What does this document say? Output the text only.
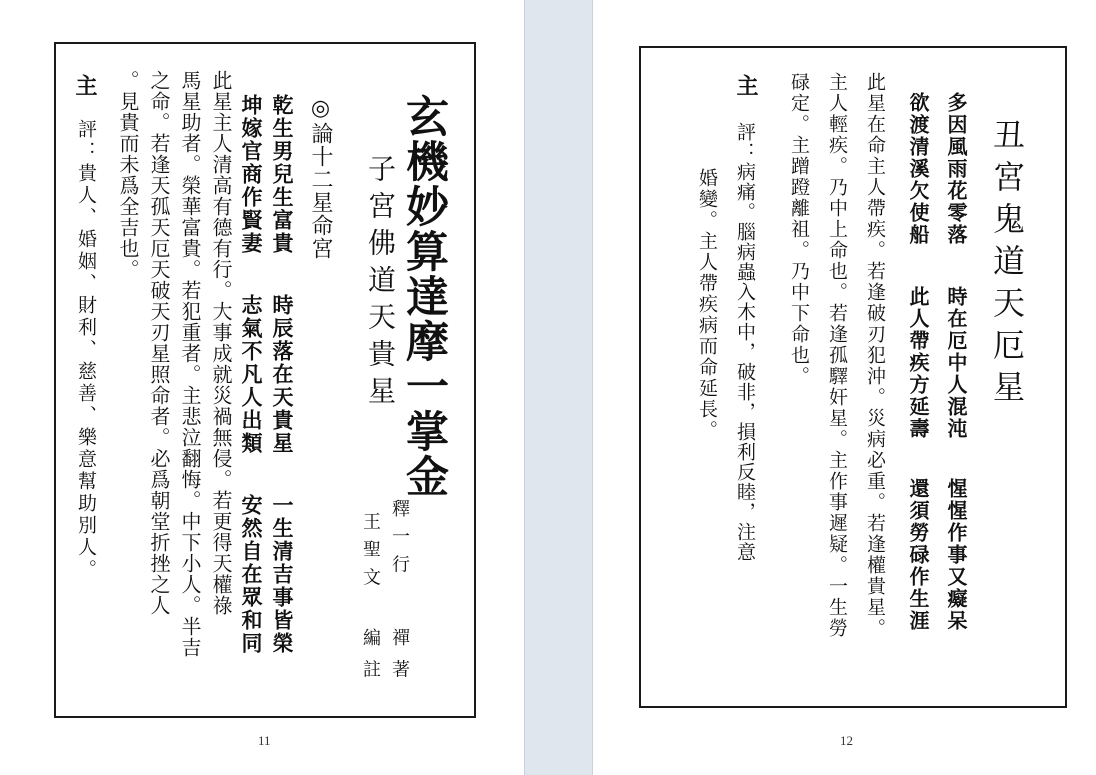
玄機妙算達摩一掌金
子宮佛道天貴星
釋 一 行
禪 著
王 聖 文
編 註
◎論十二星命宮
乾生男兒生富貴
時辰落在天貴星
一生清吉事皆榮
坤嫁官商作賢妻
志氣不凡人出類
安然自在眾和同
此星主人清高有德有行。大事成就災禍無侵。若更得天權祿
馬星助者。榮華富貴。若犯重者。主悲泣翻悔。中下小人。半吉
之命。若逢天孤天厄天破天刃星照命者。必爲朝堂折挫之人
。見貴而未爲全吉也。
主
評：貴人、婚姻、財利、慈善、樂意幫助別人。
11
丑宮鬼道天厄星
多因風雨花零落
時在厄中人混沌
惺惺作事又癡呆
欲渡清溪欠使船
此人帶疾方延壽
還須勞碌作生涯
此星在命主人帶疾。若逢破刃犯沖。災病必重。若逢權貴星。
主人輕疾。乃中上命也。若逢孤驛奸星。主作事遲疑。一生勞
碌定。主蹭蹬離祖。乃中下命也。
主
評：病痛。腦病蟲入木中，破非，損利反睦，注意
婚變。主人帶疾病而命延長。
12
